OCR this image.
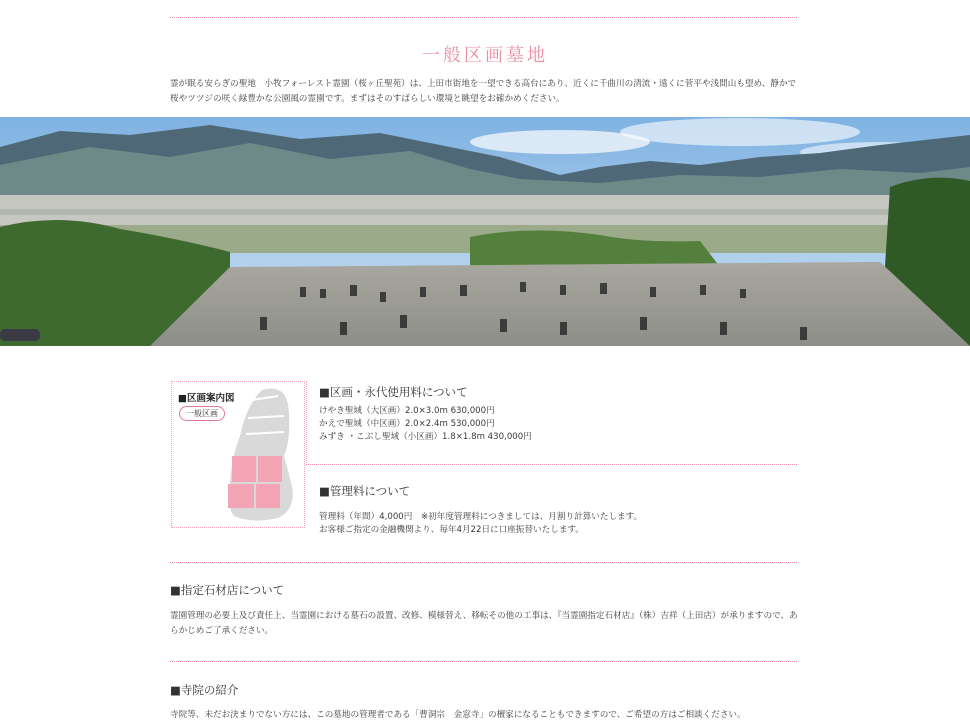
一般区画墓地

霊が眠る安らぎの聖地　小牧フォーレスト霊園（桜ヶ丘聖苑）は、上田市街地を一望できる高台にあり、近くに千曲川の清流・遠くに菅平や浅間山も望め、静かで桜やツツジの咲く緑豊かな公園風の霊園です。まずはそのすばらしい環境と眺望をお確かめください。

■区画案内図
一般区画
■区画・永代使用料について
けやき聖域（大区画）2.0×3.0m 630,000円
かえで聖域（中区画）2.0×2.4m 530,000円
みずき ・こぶし聖域（小区画）1.8×1.8m 430,000円
■管理料について
管理料（年間）4,000円　※初年度管理料につきましては、月割り計算いたします。
お客様ご指定の金融機関より、毎年4月22日に口座振替いたします。
■指定石材店について

霊園管理の必要上及び責任上、当霊園における墓石の設置、改修、模様替え、移転その他の工事は、『当霊園指定石材店』（株）吉祥（上田店）が承りますので、あらかじめご了承ください。

■寺院の紹介

寺院等、未だお決まりでない方には、この墓地の管理者である「曹洞宗　金窓寺」の檀家になることもできますので、ご希望の方はご相談ください。
